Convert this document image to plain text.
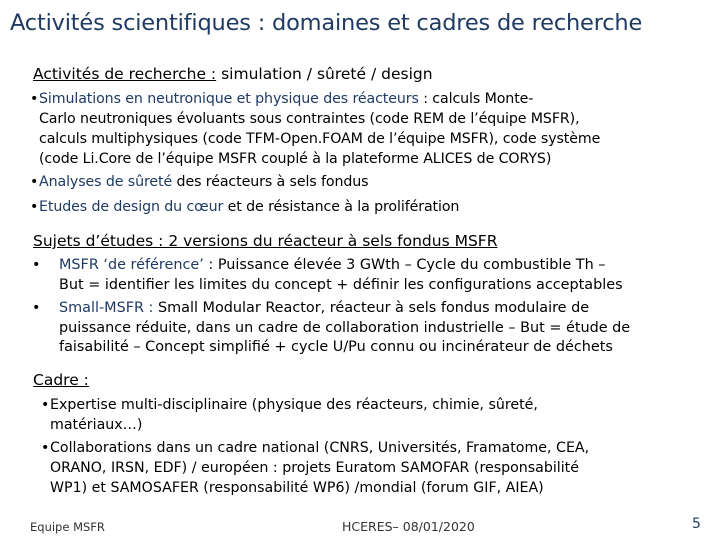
Activités scientifiques : domaines et cadres de recherche
Activités de recherche : simulation / sûreté / design
• Simulations en neutronique et physique des réacteurs : calculs Monte-
Carlo neutroniques évoluants sous contraintes (code REM de l’équipe MSFR),
calculs multiphysiques (code TFM-Open.FOAM de l’équipe MSFR), code système
(code Li.Core de l’équipe MSFR couplé à la plateforme ALICES de CORYS)
• Analyses de sûreté des réacteurs à sels fondus
• Etudes de design du cœur et de résistance à la prolifération
Sujets d’études : 2 versions du réacteur à sels fondus MSFR
• MSFR ‘de référence’ : Puissance élevée 3 GWth – Cycle du combustible Th –
But = identifier les limites du concept + définir les configurations acceptables
• Small-MSFR : Small Modular Reactor, réacteur à sels fondus modulaire de
puissance réduite, dans un cadre de collaboration industrielle – But = étude de
faisabilité – Concept simplifié + cycle U/Pu connu ou incinérateur de déchets
Cadre :
• Expertise multi-disciplinaire (physique des réacteurs, chimie, sûreté,
matériaux…)
• Collaborations dans un cadre national (CNRS, Universités, Framatome, CEA,
ORANO, IRSN, EDF) / européen : projets Euratom SAMOFAR (responsabilité
WP1) et SAMOSAFER (responsabilité WP6) /mondial (forum GIF, AIEA)
Equipe MSFR	HCERES– 08/01/2020	5
